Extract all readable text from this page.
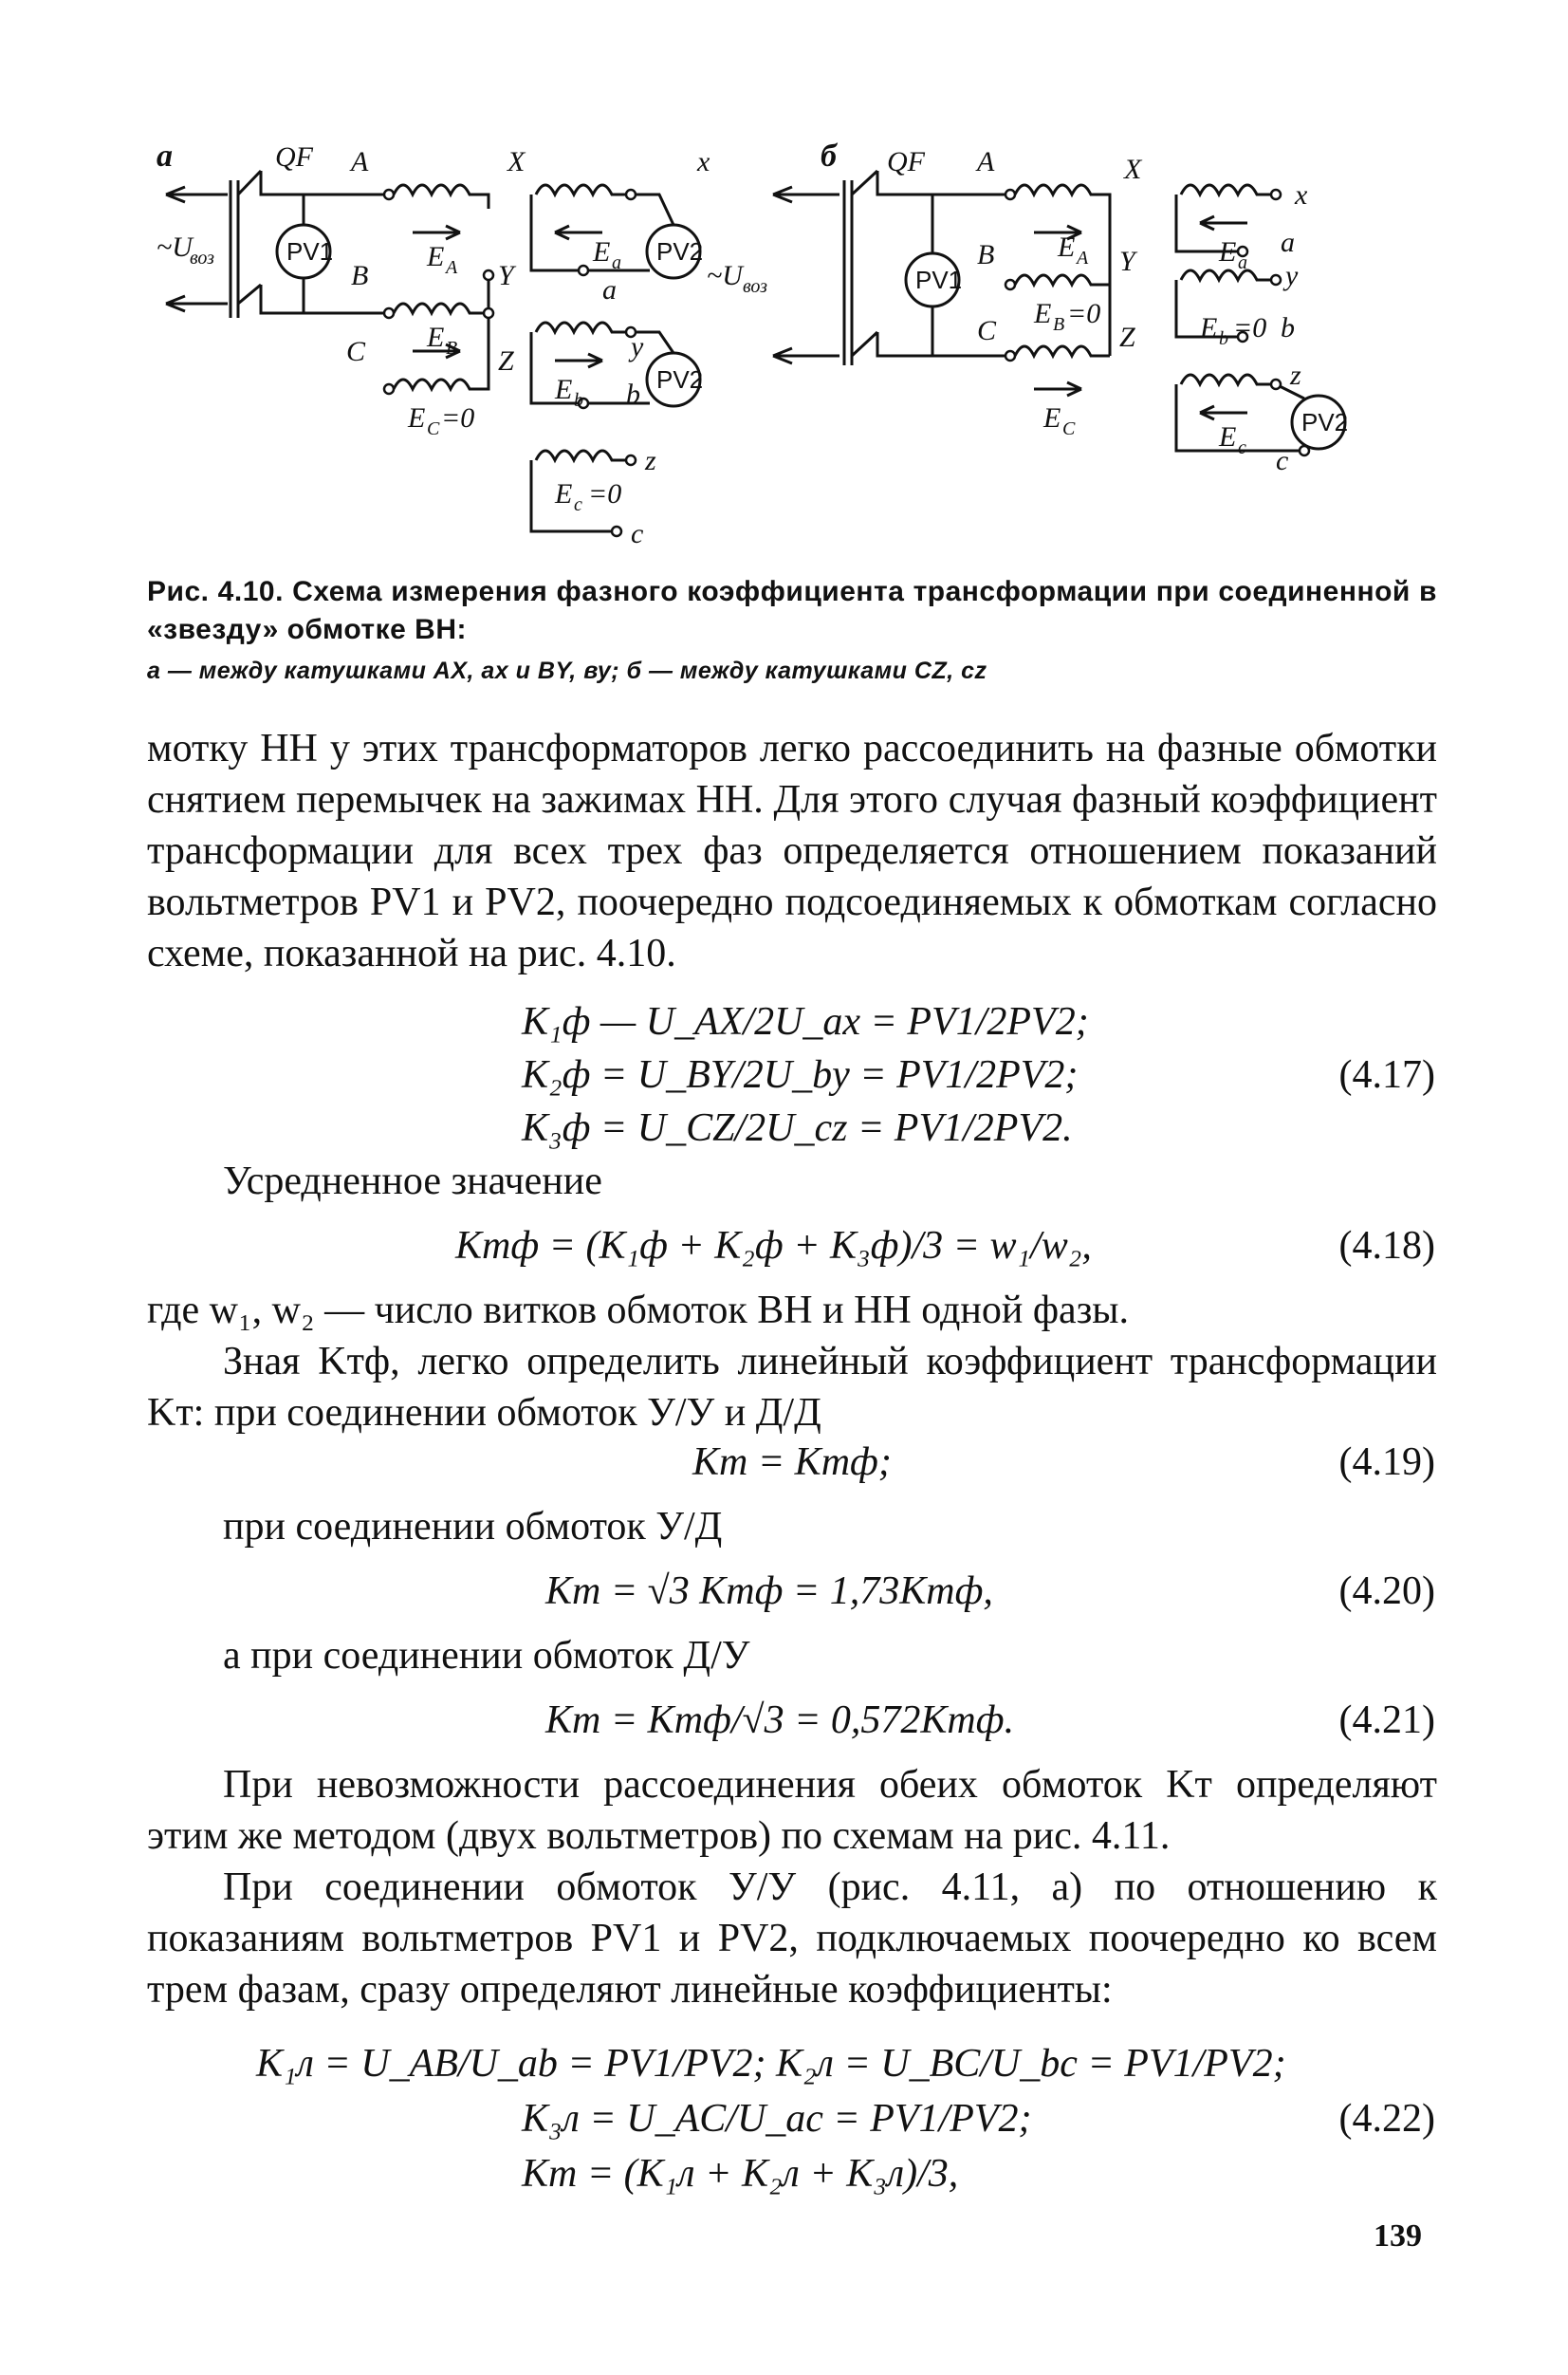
а	QF
~U
воз	PV1
A	X
B	Y
C	Z
E A
E B
E C =0
x
E a
a
PV2
~U воз
y
E b b PV2
z
E c =0
c
б QF
PV1
A	X
B	Y
C	Z
E A
E B =0
E C
x
E a
a
y
E b =0 b
z
E c c
PV2
Рис. 4.10. Схема измерения фазного коэффициента трансформации при соединенной в «звезду» обмотке ВН:
а — между катушками AX, ax и BY, ву; б — между катушками CZ, cz
мотку НН у этих трансформаторов легко рассоединить на фазные обмотки снятием перемычек на зажимах НН. Для этого случая фазный коэффициент трансформации для всех трех фаз определяется отношением показаний вольтметров PV1 и PV2, поочередно подсоединяемых к обмоткам согласно схеме, показанной на рис. 4.10.
K₁ф — U_AX/2U_ax = PV1/2PV2;
K₂ф = U_BY/2U_by = PV1/2PV2;	(4.17)
K₃ф = U_CZ/2U_cz = PV1/2PV2.
Усредненное значение
Kтф = (K₁ф + K₂ф + K₃ф)/3 = w₁/w₂,	(4.18)
где w₁, w₂ — число витков обмоток ВН и НН одной фазы.
Зная Kтф, легко определить линейный коэффициент трансформации Kт: при соединении обмоток У/У и Д/Д
Kт = Kтф;	(4.19)
при соединении обмоток У/Д
Kт = √3 Kтф = 1,73Kтф,	(4.20)
а при соединении обмоток Д/У
Kт = Kтф/√3 = 0,572Kтф.	(4.21)
При невозможности рассоединения обеих обмоток Kт определяют этим же методом (двух вольтметров) по схемам на рис. 4.11.
При соединении обмоток У/У (рис. 4.11, а) по отношению к показаниям вольтметров PV1 и PV2, подключаемых поочередно ко всем трем фазам, сразу определяют линейные коэффициенты:
K₁л = U_AB/U_ab = PV1/PV2; K₂л = U_BC/U_bc = PV1/PV2;
K₃л = U_AC/U_ac = PV1/PV2;	(4.22)
Kт = (K₁л + K₂л + K₃л)/3,
139
